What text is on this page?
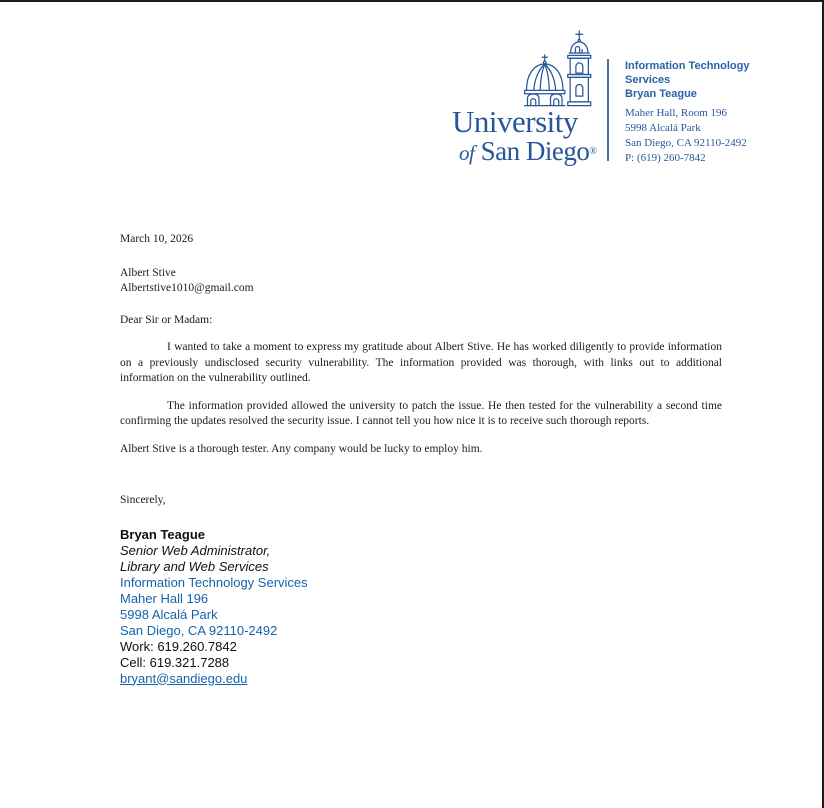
University
of San Diego®
Information Technology
Services
Bryan Teague
Maher Hall, Room 196
5998 Alcalá Park
San Diego, CA 92110-2492
P: (619) 260-7842
March 10, 2026
Albert Stive
Albertstive1010@gmail.com
Dear Sir or Madam:

I wanted to take a moment to express my gratitude about Albert Stive. He has worked diligently to provide information on a previously undisclosed security vulnerability. The information provided was thorough, with links out to additional information on the vulnerability outlined.

The information provided allowed the university to patch the issue. He then tested for the vulnerability a second time confirming the updates resolved the security issue. I cannot tell you how nice it is to receive such thorough reports.

Albert Stive is a thorough tester. Any company would be lucky to employ him.

Sincerely,
Bryan Teague
Senior Web Administrator,
Library and Web Services
Information Technology Services
Maher Hall 196
5998 Alcalá Park
San Diego, CA 92110-2492
Work: 619.260.7842
Cell: 619.321.7288
bryant@sandiego.edu
